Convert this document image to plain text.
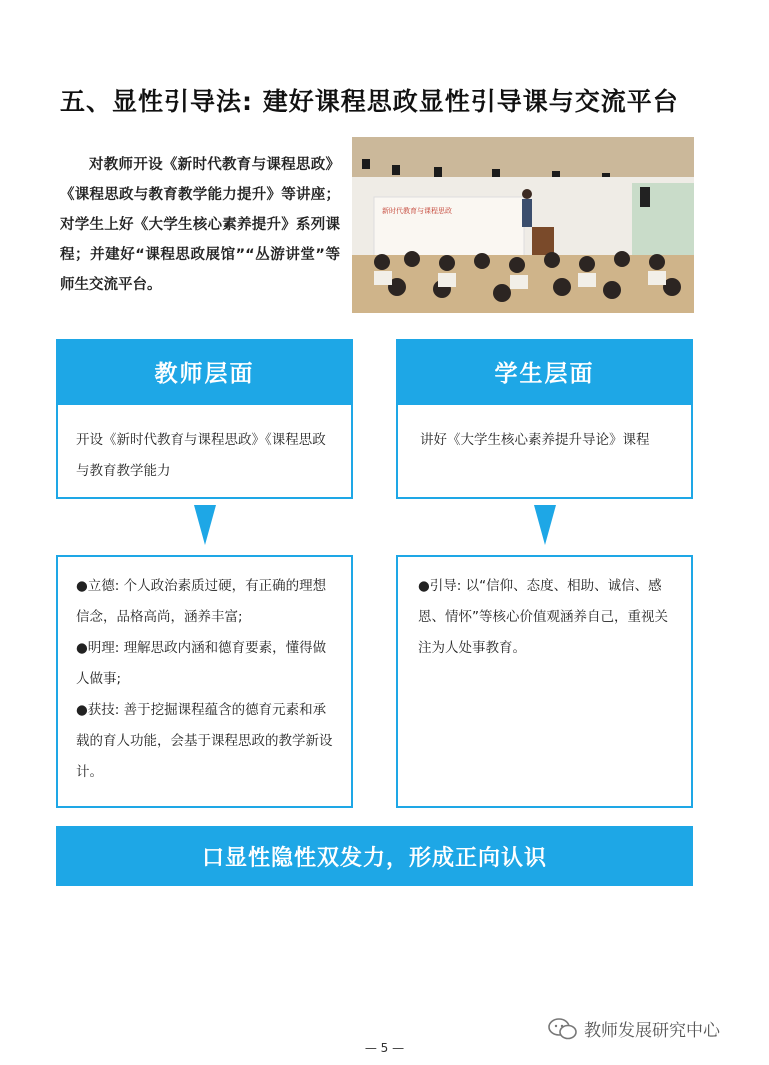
五、显性引导法: 建好课程思政显性引导课与交流平台
对教师开设《新时代教育与课程思政》《课程思政与教育教学能力提升》等讲座；对学生上好《大学生核心素养提升》系列课程；并建好“课程思政展馆”“丛游讲堂”等师生交流平台。
新时代教育与课程思政
教师层面
开设《新时代教育与课程思政》《课程思政与教育教学能力
●立德: 个人政治素质过硬，有正确的理想信念，品格高尚，涵养丰富;
●明理: 理解思政内涵和德育要素，懂得做人做事;
●获技: 善于挖掘课程蕴含的德育元素和承载的育人功能，会基于课程思政的教学新设计。
学生层面
讲好《大学生核心素养提升导论》课程
●引导: 以“信仰、态度、相助、诚信、感恩、情怀”等核心价值观涵养自己，重视关注为人处事教育。
口显性隐性双发力，形成正向认识
教师发展研究中心
— 5 —
